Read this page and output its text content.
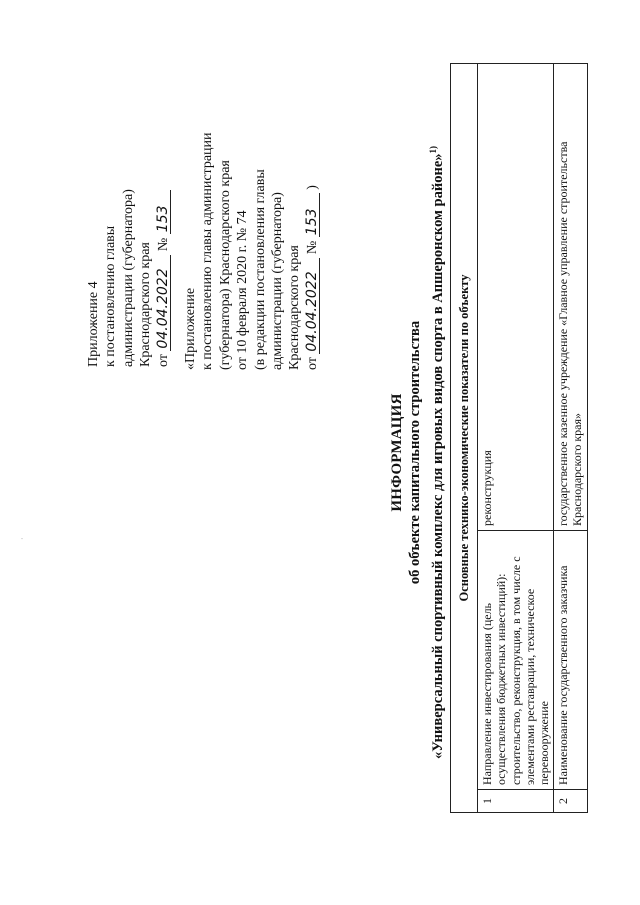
Приложение 4 к постановлению главы администрации (губернатора) Краснодарского края от 04.04.2022 № 153
«Приложение к постановлению главы администрации (губернатора) Краснодарского края от 10 февраля 2020 г. № 74 (в редакции постановления главы администрации (губернатора) Краснодарского края от 04.04.2022 № 153 )
ИНФОРМАЦИЯ об объекте капитального строительства «Универсальный спортивный комплекс для игровых видов спорта в Апшеронском районе»$^{1)}$
Основные технико-экономические показатели по объекту		
1	Направление инвестирования (цель осуществления бюджетных инвестиций): строительство, реконструкция, в том числе с элементами реставрации, техническое перевооружение	реконструкция
2	Наименование государственного заказчика	государственное казенное учреждение «Главное управление строительства Краснодарского края»
·
